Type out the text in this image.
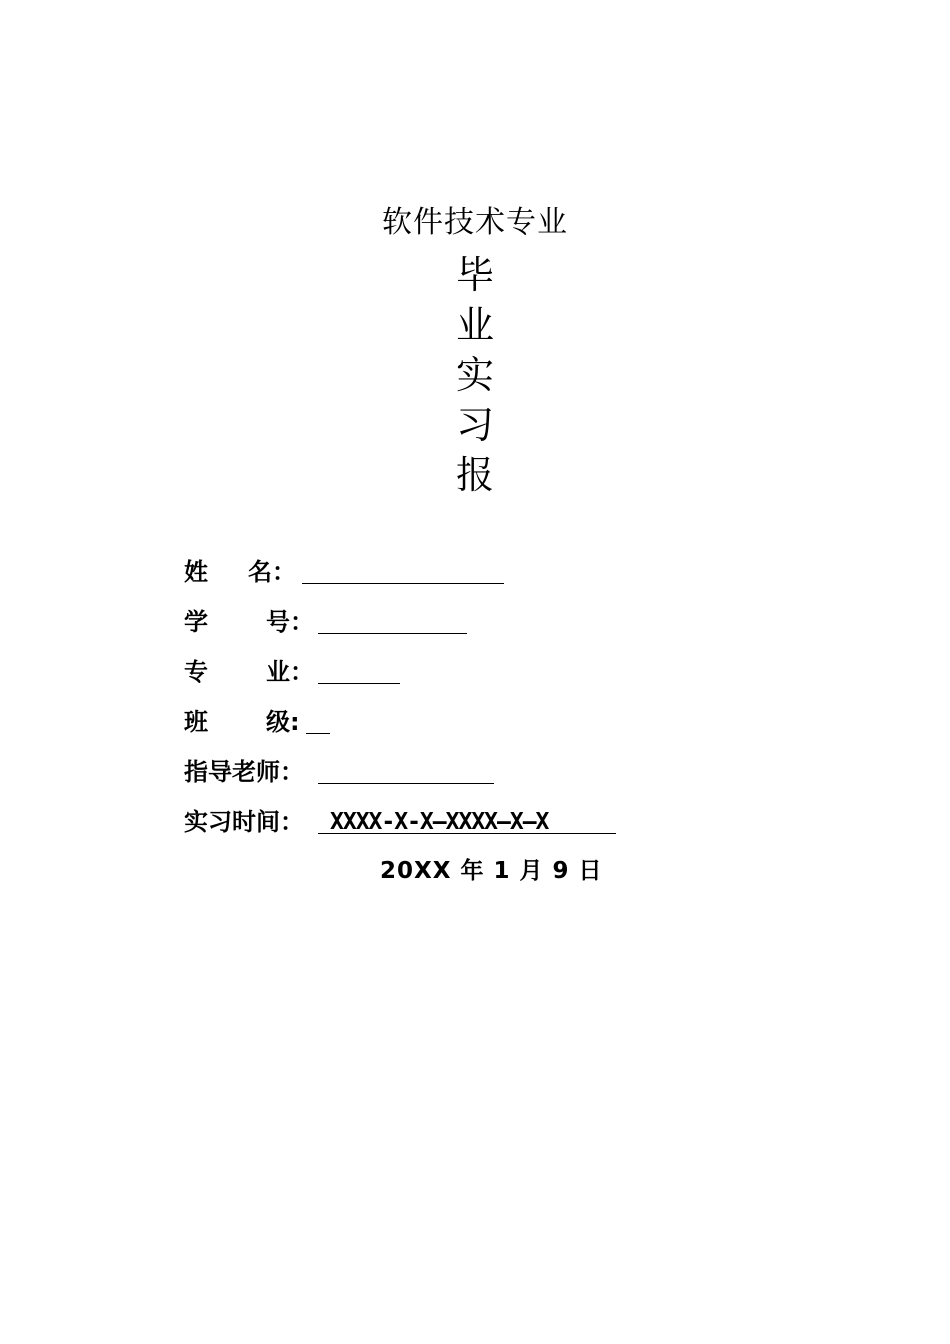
软件技术专业
毕
业
实
习
报
姓 名：
学 号：
专 业：
班 级:
指导老师：
实习时间： XXXX-X-X—XXXX—X—X
20XX 年 1 月 9 日
